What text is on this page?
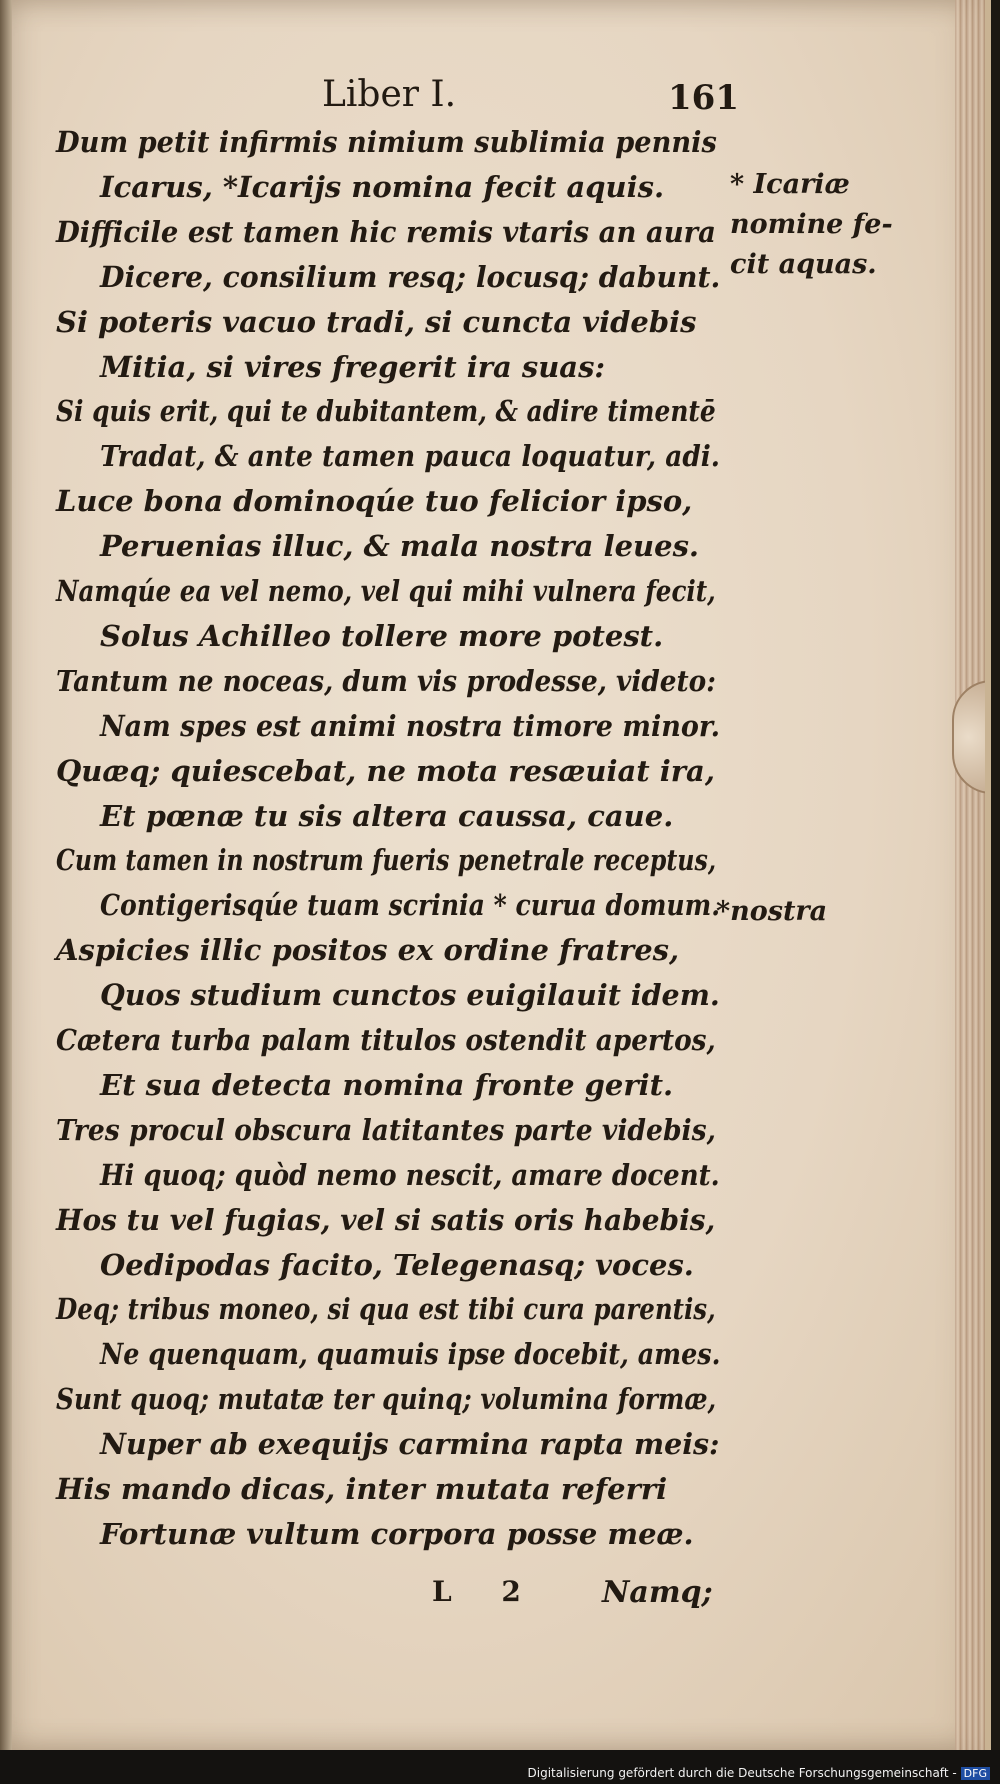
Liber I.	161
Dum petit infirmis nimium sublimia pennis
Icarus, *Icarijs nomina fecit aquis.
Difficile est tamen hic remis vtaris an aura
Dicere, consilium resq; locusq; dabunt.
Si poteris vacuo tradi, si cuncta videbis
Mitia, si vires fregerit ira suas:
Si quis erit, qui te dubitantem, & adire timentē
Tradat, & ante tamen pauca loquatur, adi.
Luce bona dominoqúe tuo felicior ipso,
Peruenias illuc, & mala nostra leues.
Namqúe ea vel nemo, vel qui mihi vulnera fecit,
Solus Achilleo tollere more potest.
Tantum ne noceas, dum vis prodesse, videto:
Nam spes est animi nostra timore minor.
Quæq; quiescebat, ne mota resæuiat ira,
Et pœnæ tu sis altera caussa, caue.
Cum tamen in nostrum fueris penetrale receptus,
Contigerisqúe tuam scrinia * curua domum.
Aspicies illic positos ex ordine fratres,
Quos studium cunctos euigilauit idem.
Cætera turba palam titulos ostendit apertos,
Et sua detecta nomina fronte gerit.
Tres procul obscura latitantes parte videbis,
Hi quoq; quòd nemo nescit, amare docent.
Hos tu vel fugias, vel si satis oris habebis,
Oedipodas facito, Telegenasq; voces.
Deq; tribus moneo, si qua est tibi cura parentis,
Ne quenquam, quamuis ipse docebit, ames.
Sunt quoq; mutatæ ter quinq; volumina formæ,
Nuper ab exequijs carmina rapta meis:
His mando dicas, inter mutata referri
Fortunæ vultum corpora posse meæ.
* Icariæ
nomine fe-
cit aquas.
*nostra
L 2 Namq;
Digitalisierung gefördert durch die Deutsche Forschungsgemeinschaft - DFG
